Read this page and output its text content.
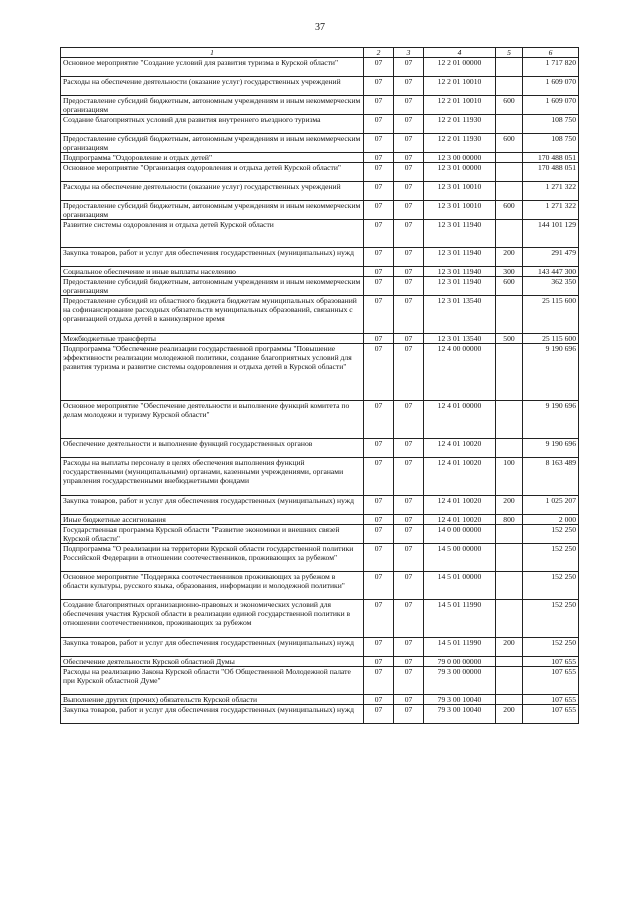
37
1	2	3	4	5	6
Основное мероприятие "Создание условий для развития туризма в Курской области"	07	07	12 2 01 00000		1 717 820
Расходы на обеспечение деятельности (оказание услуг) государственных учреждений	07	07	12 2 01 10010		1 609 070
Предоставление субсидий бюджетным, автономным учреждениям и иным некоммерческим организациям	07	07	12 2 01 10010	600	1 609 070
Создание благоприятных условий для развития внутреннего въездного туризма	07	07	12 2 01 11930		108 750
Предоставление субсидий бюджетным, автономным учреждениям и иным некоммерческим организациям	07	07	12 2 01 11930	600	108 750
Подпрограмма "Оздоровление и отдых детей"	07	07	12 3 00 00000		170 488 051
Основное мероприятие "Организация оздоровления и отдыха детей Курской области"	07	07	12 3 01 00000		170 488 051
Расходы на обеспечение деятельности (оказание услуг) государственных учреждений	07	07	12 3 01 10010		1 271 322
Предоставление субсидий бюджетным, автономным учреждениям и иным некоммерческим организациям	07	07	12 3 01 10010	600	1 271 322
Развитие системы оздоровления и отдыха детей Курской области	07	07	12 3 01 11940		144 101 129
Закупка товаров, работ и услуг для обеспечения государственных (муниципальных) нужд	07	07	12 3 01 11940	200	291 479
Социальное обеспечение и иные выплаты населению	07	07	12 3 01 11940	300	143 447 300
Предоставление субсидий бюджетным, автономным учреждениям и иным некоммерческим организациям	07	07	12 3 01 11940	600	362 350
Предоставление субсидий из областного бюджета бюджетам муниципальных образований на софинансирование расходных обязательств муниципальных образований, связанных с организацией отдыха детей в каникулярное время	07	07	12 3 01 13540		25 115 600
Межбюджетные трансферты	07	07	12 3 01 13540	500	25 115 600
Подпрограмма "Обеспечение реализации государственной программы "Повышение эффективности реализации молодежной политики, создание благоприятных условий для развития туризма и развитие системы оздоровления и отдыха детей в Курской области"	07	07	12 4 00 00000		9 190 696
Основное мероприятие "Обеспечение деятельности и выполнение функций комитета по делам молодежи и туризму Курской области"	07	07	12 4 01 00000		9 190 696
Обеспечение деятельности и выполнение функций государственных органов	07	07	12 4 01 10020		9 190 696
Расходы на выплаты персоналу в целях обеспечения выполнения функций государственными (муниципальными) органами, казенными учреждениями, органами управления государственными внебюджетными фондами	07	07	12 4 01 10020	100	8 163 489
Закупка товаров, работ и услуг для обеспечения государственных (муниципальных) нужд	07	07	12 4 01 10020	200	1 025 207
Иные бюджетные ассигнования	07	07	12 4 01 10020	800	2 000
Государственная программа Курской области "Развитие экономики и внешних связей Курской области"	07	07	14 0 00 00000		152 250
Подпрограмма "О реализации на территории Курской области государственной политики Российской Федерации в отношении соотечественников, проживающих за рубежом"	07	07	14 5 00 00000		152 250
Основное мероприятие "Поддержка соотечественников проживающих за рубежом в области культуры, русского языка, образования, информации и молодежной политики"	07	07	14 5 01 00000		152 250
Создание благоприятных организационно-правовых и экономических условий для обеспечения участия Курской области в реализации единой государственной политики в отношении соотечественников, проживающих за рубежом	07	07	14 5 01 11990		152 250
Закупка товаров, работ и услуг для обеспечения государственных (муниципальных) нужд	07	07	14 5 01 11990	200	152 250
Обеспечение деятельности Курской областной Думы	07	07	79 0 00 00000		107 655
Расходы на реализацию Закона Курской области "Об Общественной Молодежной палате при Курской областной Думе"	07	07	79 3 00 00000		107 655
Выполнение других (прочих) обязательств Курской области	07	07	79 3 00 10040		107 655
Закупка товаров, работ и услуг для обеспечения государственных (муниципальных) нужд	07	07	79 3 00 10040	200	107 655
